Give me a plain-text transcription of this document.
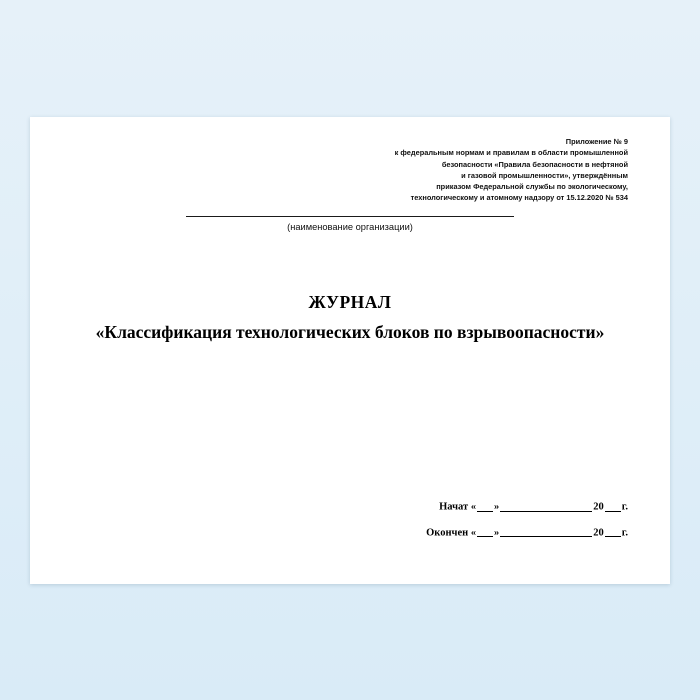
Приложение № 9
к федеральным нормам и правилам в области промышленной
безопасности «Правила безопасности в нефтяной
и газовой промышленности», утверждённым
приказом Федеральной службы по экологическому,
технологическому и атомному надзору от 15.12.2020 № 534
(наименование организации)
ЖУРНАЛ
«Классификация технологических блоков по взрывоопасности»
Начат « »	20 г.
Окончен « »	20 г.
